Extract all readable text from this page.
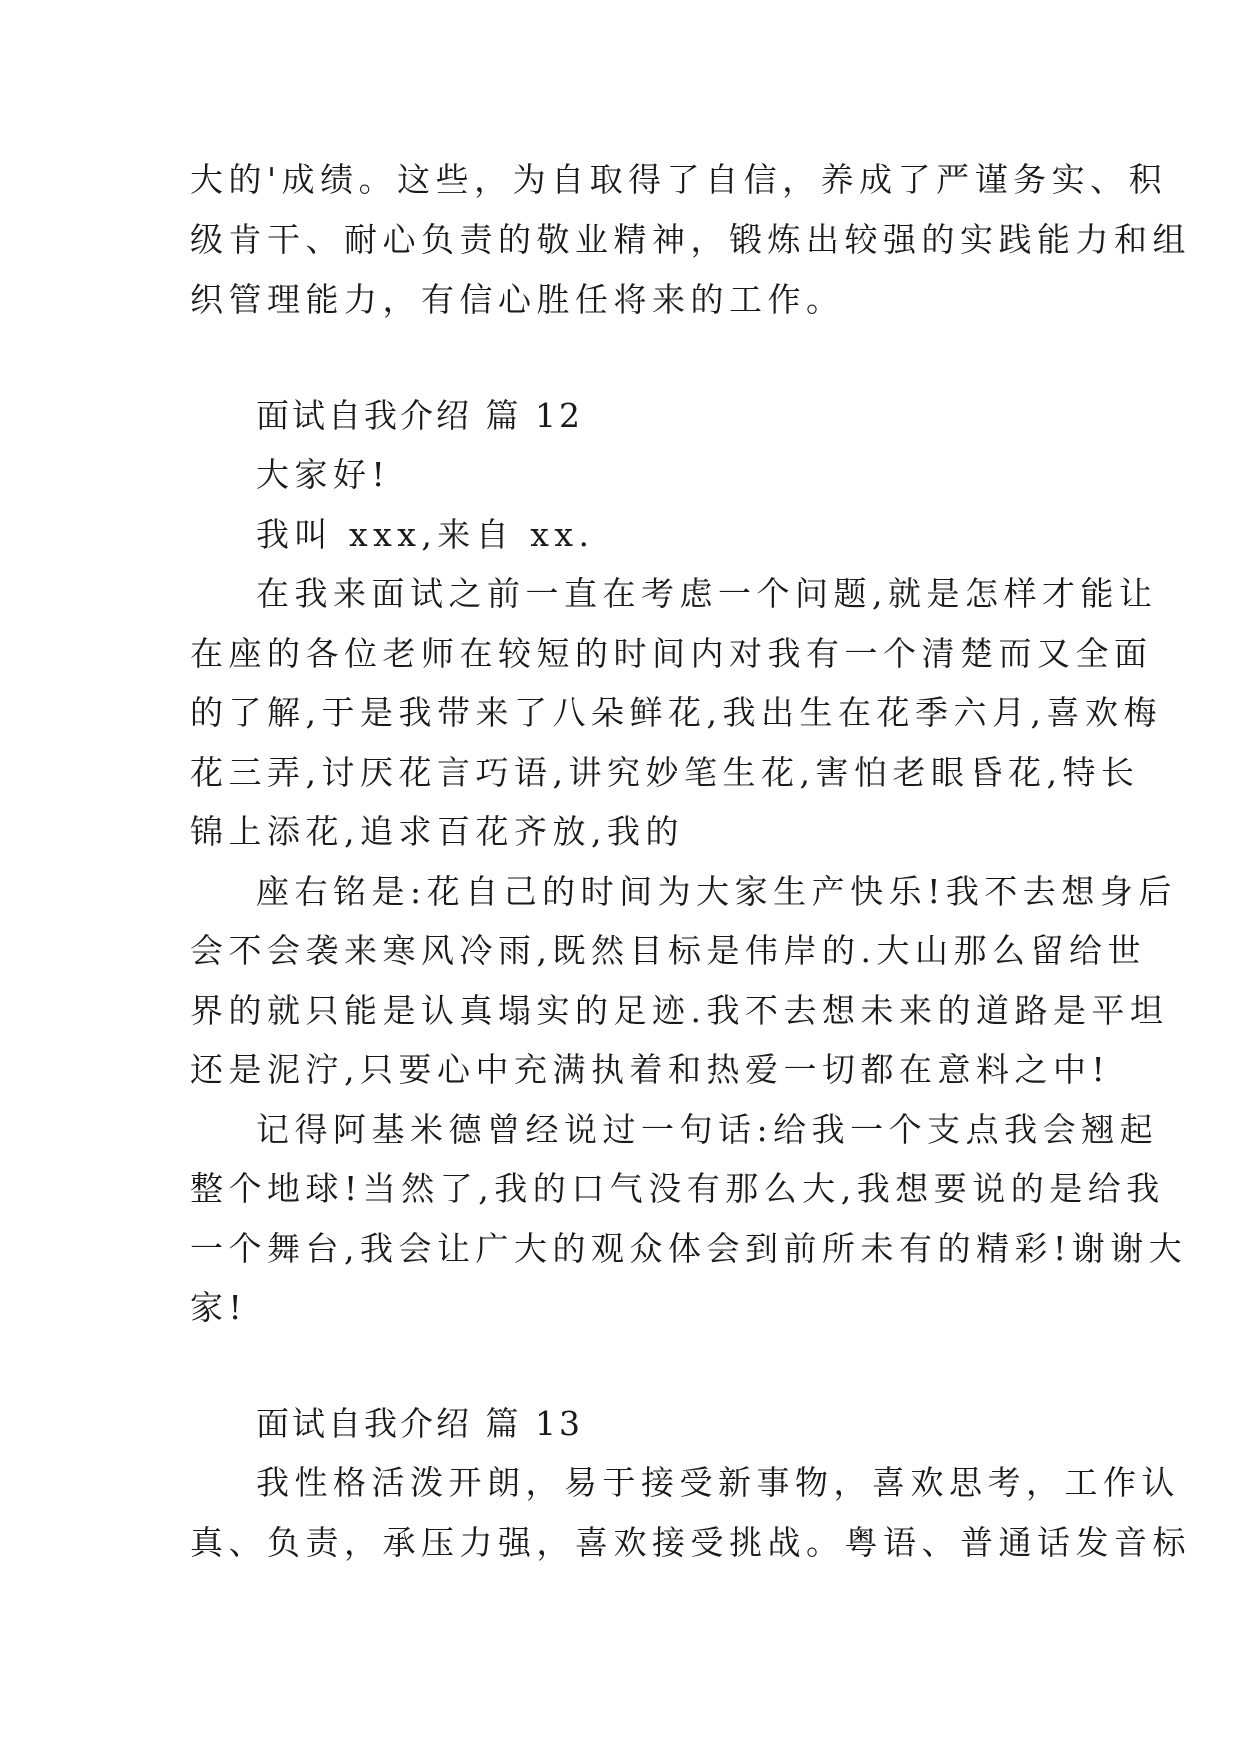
大的'成绩。这些，为自取得了自信，养成了严谨务实、积
级肯干、耐心负责的敬业精神，锻炼出较强的实践能力和组
织管理能力，有信心胜任将来的工作。
面试自我介绍 篇 12
大家好!
我叫 xxx,来自 xx.
在我来面试之前一直在考虑一个问题,就是怎样才能让
在座的各位老师在较短的时间内对我有一个清楚而又全面
的了解,于是我带来了八朵鲜花,我出生在花季六月,喜欢梅
花三弄,讨厌花言巧语,讲究妙笔生花,害怕老眼昏花,特长
锦上添花,追求百花齐放,我的
座右铭是:花自己的时间为大家生产快乐!我不去想身后
会不会袭来寒风冷雨,既然目标是伟岸的.大山那么留给世
界的就只能是认真塌实的足迹.我不去想未来的道路是平坦
还是泥泞,只要心中充满执着和热爱一切都在意料之中!
记得阿基米德曾经说过一句话:给我一个支点我会翘起
整个地球!当然了,我的口气没有那么大,我想要说的是给我
一个舞台,我会让广大的观众体会到前所未有的精彩!谢谢大
家!
面试自我介绍 篇 13
我性格活泼开朗，易于接受新事物，喜欢思考，工作认
真、负责，承压力强，喜欢接受挑战。粤语、普通话发音标
